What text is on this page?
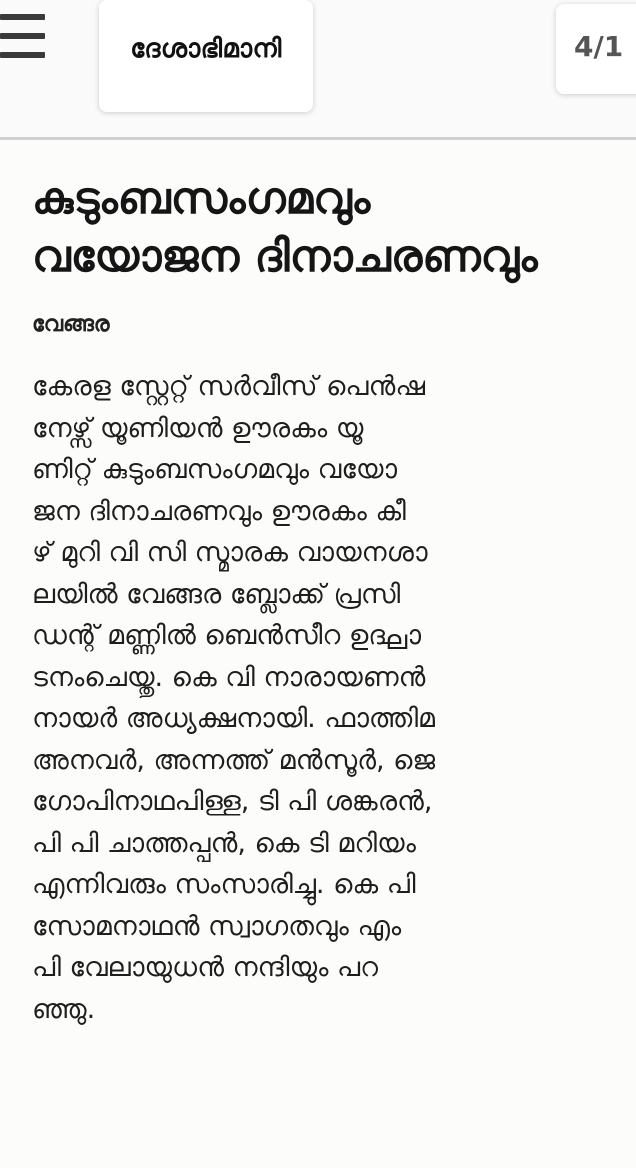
ദേശാഭിമാനി	4/1
കുടുംബസംഗമവും
വയോജന ദിനാചരണവും
വേങ്ങര
കേരള സ്റ്റേറ്റ് സർവീസ് പെൻഷ
നേഴ്സ് യൂണിയൻ ഊരകം യൂ
ണിറ്റ് കുടുംബസംഗമവും വയോ
ജന ദിനാചരണവും ഊരകം കീ
ഴ് മുറി വി സി സ്മാരക വായനശാ
ലയിൽ വേങ്ങര ബ്ലോക്ക് പ്രസി
ഡന്റ് മണ്ണിൽ ബെൻസീറ ഉദ്ഘാ
ടനംചെയ്തു. കെ വി നാരായണൻ
നായർ അധ്യക്ഷനായി. ഫാത്തിമ
അനവർ, അന്നത്ത് മൻസൂർ, ജെ
ഗോപിനാഥപിള്ള, ടി പി ശങ്കരൻ,
പി പി ചാത്തപ്പൻ, കെ ടി മറിയം
എന്നിവരും സംസാരിച്ചു. കെ പി
സോമനാഥൻ സ്വാഗതവും എം
പി വേലായുധൻ നന്ദിയും പറ
ഞ്ഞു.
